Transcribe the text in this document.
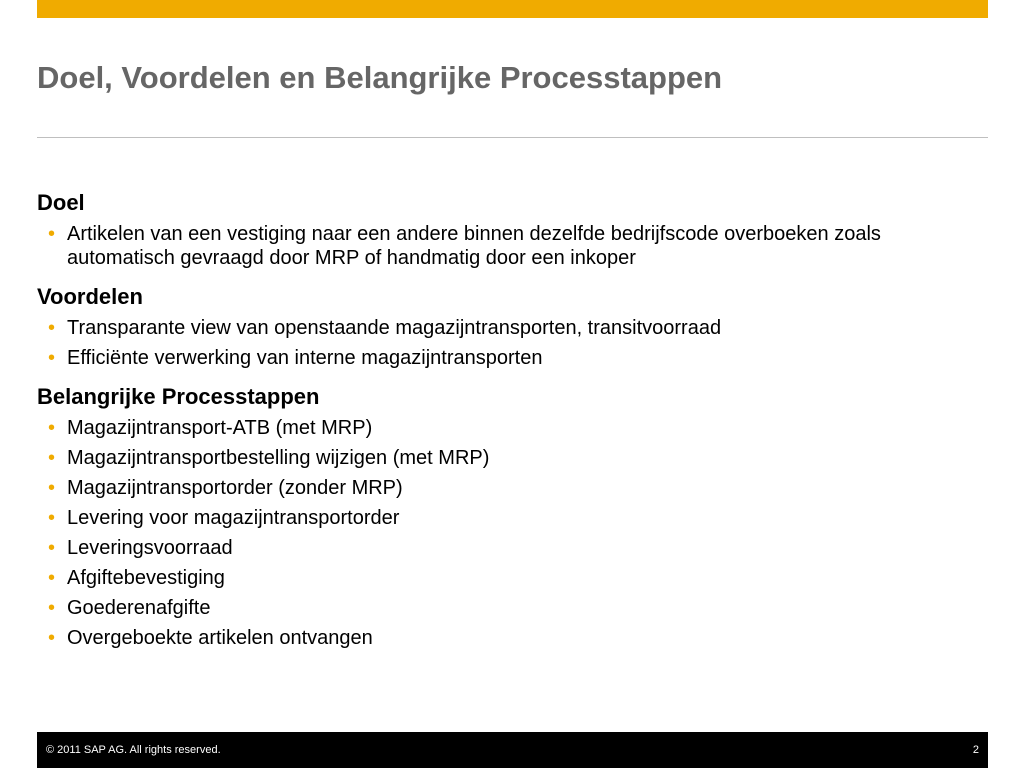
Doel, Voordelen en Belangrijke Processtappen
Doel
• Artikelen van een vestiging naar een andere binnen dezelfde bedrijfscode overboeken zoals automatisch gevraagd door MRP of handmatig door een inkoper
Voordelen
• Transparante view van openstaande magazijntransporten, transitvoorraad
• Efficiënte verwerking van interne magazijntransporten
Belangrijke Processtappen
• Magazijntransport-ATB (met MRP)
• Magazijntransportbestelling wijzigen (met MRP)
• Magazijntransportorder (zonder MRP)
• Levering voor magazijntransportorder
• Leveringsvoorraad
• Afgiftebevestiging
• Goederenafgifte
• Overgeboekte artikelen ontvangen
© 2011 SAP AG. All rights reserved.	2
